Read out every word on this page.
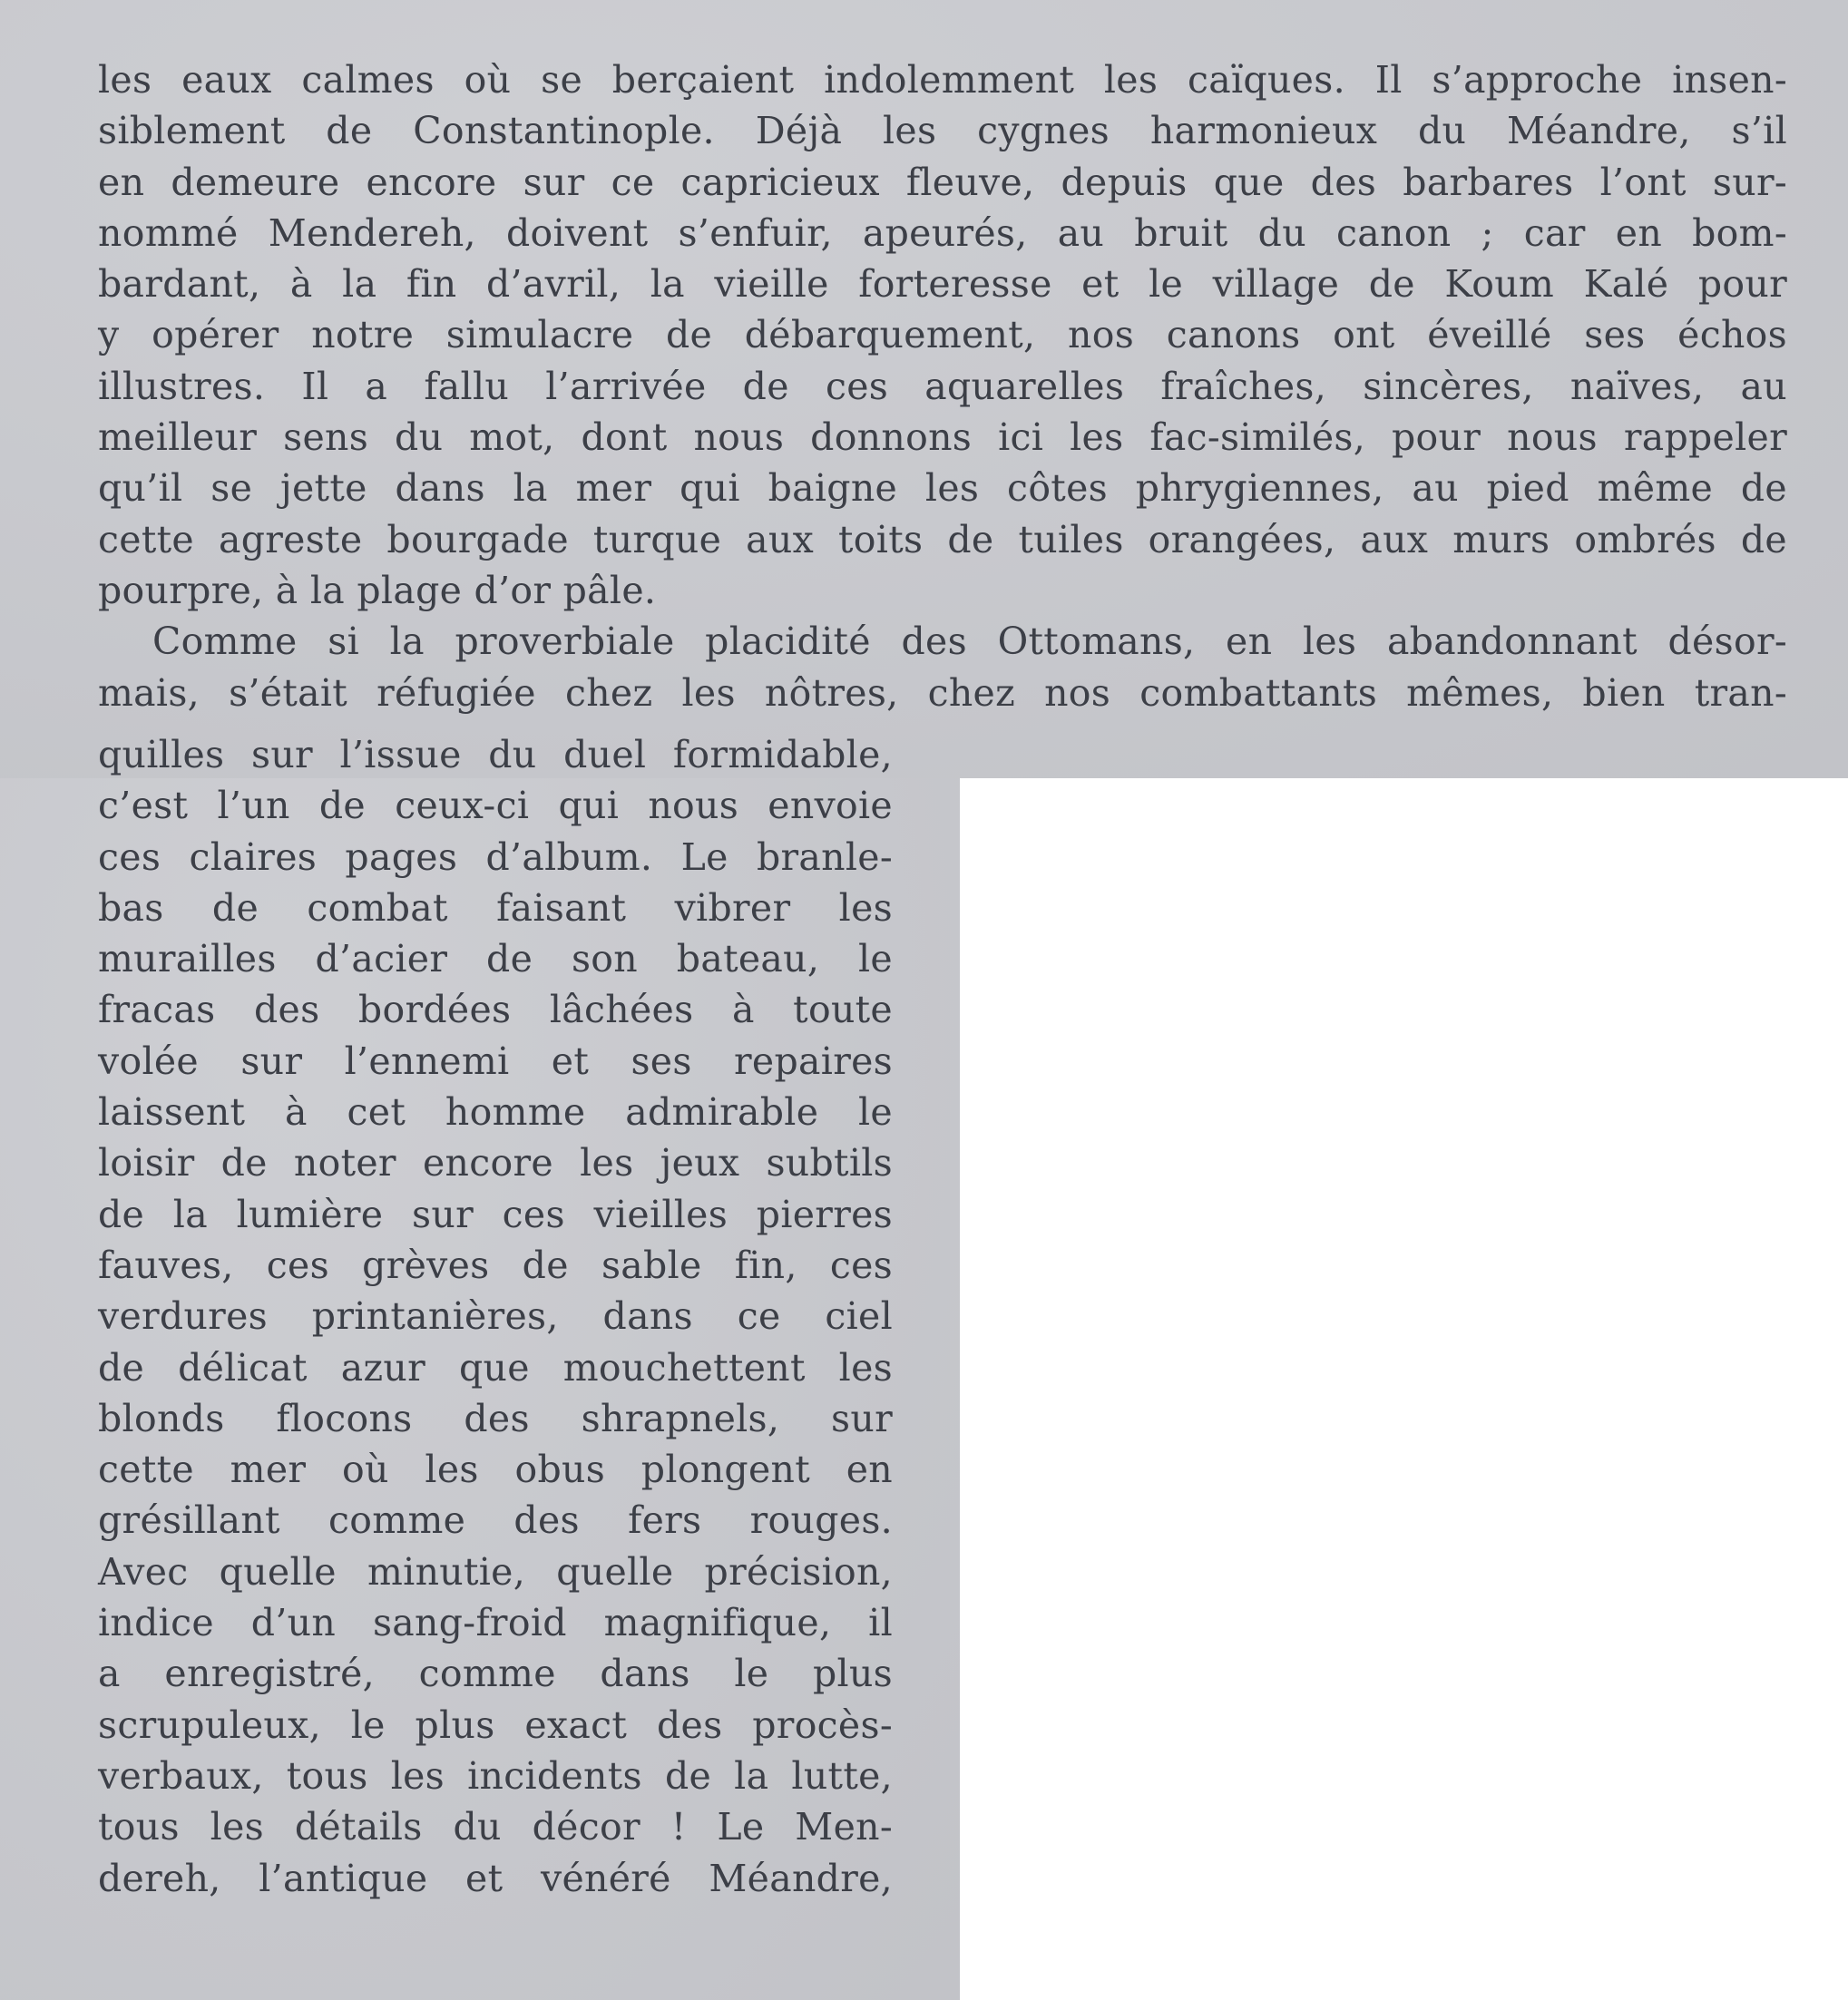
les eaux calmes où se berçaient indolemment les caïques. Il s’approche insen-
siblement de Constantinople. Déjà les cygnes harmonieux du Méandre, s’il
en demeure encore sur ce capricieux fleuve, depuis que des barbares l’ont sur-
nommé Mendereh, doivent s’enfuir, apeurés, au bruit du canon ; car en bom-
bardant, à la fin d’avril, la vieille forteresse et le village de Koum Kalé pour
y opérer notre simulacre de débarquement, nos canons ont éveillé ses échos
illustres. Il a fallu l’arrivée de ces aquarelles fraîches, sincères, naïves, au
meilleur sens du mot, dont nous donnons ici les fac-similés, pour nous rappeler
qu’il se jette dans la mer qui baigne les côtes phrygiennes, au pied même de
cette agreste bourgade turque aux toits de tuiles orangées, aux murs ombrés de
pourpre, à la plage d’or pâle.
Comme si la proverbiale placidité des Ottomans, en les abandonnant désor-
mais, s’était réfugiée chez les nôtres, chez nos combattants mêmes, bien tran-
quilles sur l’issue du duel formidable,
c’est l’un de ceux-ci qui nous envoie
ces claires pages d’album. Le branle-
bas de combat faisant vibrer les
murailles d’acier de son bateau, le
fracas des bordées lâchées à toute
volée sur l’ennemi et ses repaires
laissent à cet homme admirable le
loisir de noter encore les jeux subtils
de la lumière sur ces vieilles pierres
fauves, ces grèves de sable fin, ces
verdures printanières, dans ce ciel
de délicat azur que mouchettent les
blonds flocons des shrapnels, sur
cette mer où les obus plongent en
grésillant comme des fers rouges.
Avec quelle minutie, quelle précision,
indice d’un sang-froid magnifique, il
a enregistré, comme dans le plus
scrupuleux, le plus exact des procès-
verbaux, tous les incidents de la lutte,
tous les détails du décor ! Le Men-
dereh, l’antique et vénéré Méandre,
